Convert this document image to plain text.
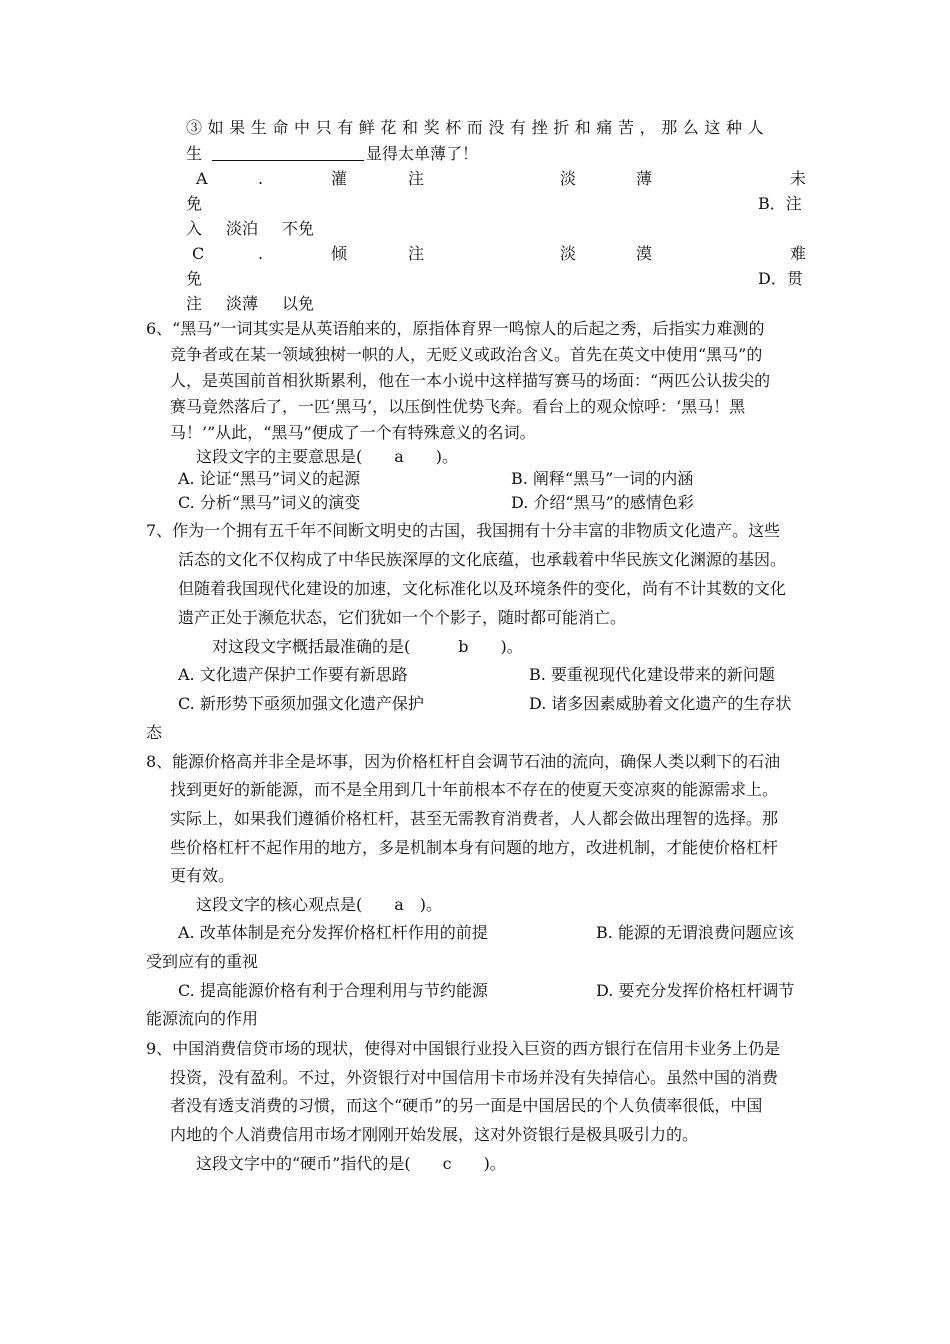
③如果生命中只有鲜花和奖杯而没有挫折和痛苦，那么这种人
生	显得太单薄了！
A	.	灌	注	淡	薄	未
免	B．注
入 淡泊 不免
C	.	倾	注	淡	漠	难
免	D．贯
注 淡薄 以免
6、“黑马”一词其实是从英语舶来的，原指体育界一鸣惊人的后起之秀，后指实力难测的
竞争者或在某一领域独树一帜的人，无贬义或政治含义。首先在英文中使用“黑马”的
人，是英国前首相狄斯累利，他在一本小说中这样描写赛马的场面：“两匹公认拔尖的
赛马竟然落后了，一匹‘黑马’，以压倒性优势飞奔。看台上的观众惊呼：‘黑马！黑
马！’”从此，“黑马”便成了一个有特殊意义的名词。
这段文字的主要意思是(　　a　　)。
A. 论证“黑马”词义的起源	B. 阐释“黑马”一词的内涵
C. 分析“黑马”词义的演变	D. 介绍“黑马”的感情色彩
7、作为一个拥有五千年不间断文明史的古国，我国拥有十分丰富的非物质文化遗产。这些
活态的文化不仅构成了中华民族深厚的文化底蕴，也承载着中华民族文化渊源的基因。
但随着我国现代化建设的加速，文化标准化以及环境条件的变化，尚有不计其数的文化
遗产正处于濒危状态，它们犹如一个个影子，随时都可能消亡。
对这段文字概括最准确的是(　　　b　　)。
A. 文化遗产保护工作要有新思路	B. 要重视现代化建设带来的新问题
C. 新形势下亟须加强文化遗产保护	D. 诸多因素威胁着文化遗产的生存状
态
8、能源价格高并非全是坏事，因为价格杠杆自会调节石油的流向，确保人类以剩下的石油
找到更好的新能源，而不是全用到几十年前根本不存在的使夏天变凉爽的能源需求上。
实际上，如果我们遵循价格杠杆，甚至无需教育消费者，人人都会做出理智的选择。那
些价格杠杆不起作用的地方，多是机制本身有问题的地方，改进机制，才能使价格杠杆
更有效。
这段文字的核心观点是(　　a　)。
A. 改革体制是充分发挥价格杠杆作用的前提	B. 能源的无谓浪费问题应该
受到应有的重视
C. 提高能源价格有利于合理利用与节约能源	D. 要充分发挥价格杠杆调节
能源流向的作用
9、中国消费信贷市场的现状，使得对中国银行业投入巨资的西方银行在信用卡业务上仍是
投资，没有盈利。不过，外资银行对中国信用卡市场并没有失掉信心。虽然中国的消费
者没有透支消费的习惯，而这个“硬币”的另一面是中国居民的个人负债率很低，中国
内地的个人消费信用市场才刚刚开始发展，这对外资银行是极具吸引力的。
这段文字中的“硬币”指代的是(　　c　　)。
